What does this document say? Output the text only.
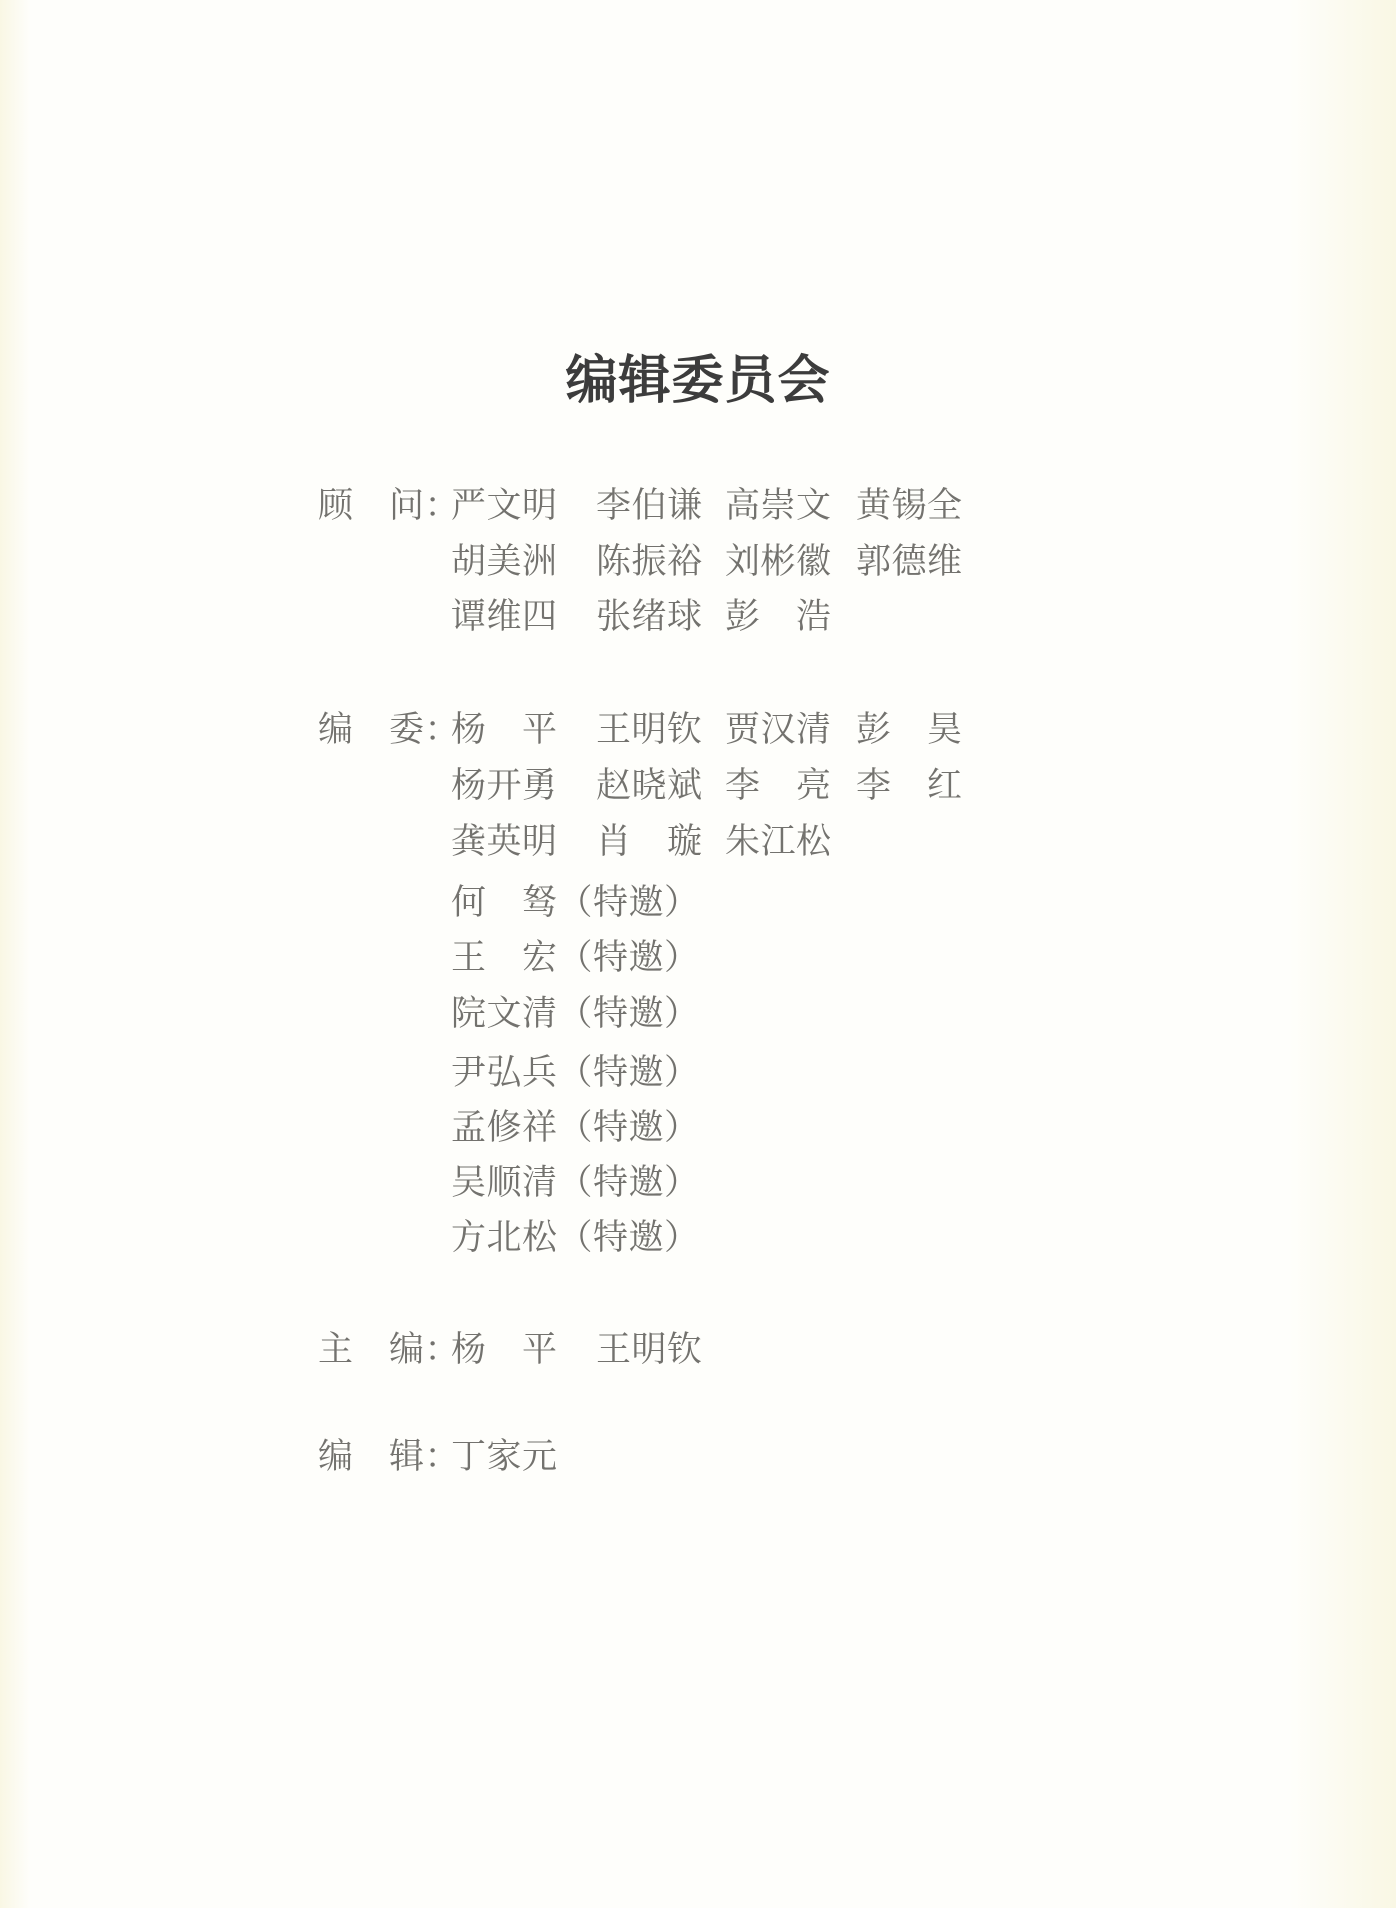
编辑委员会
顾　问：
严文明 李伯谦 高崇文 黄锡全
胡美洲 陈振裕 刘彬徽 郭德维
谭维四 张绪球 彭　浩
编　委：
杨　平 王明钦 贾汉清 彭　昊
杨开勇 赵晓斌 李　亮 李　红
龚英明 肖　璇 朱江松
何　驽（特邀）
王　宏（特邀）
院文清（特邀）
尹弘兵（特邀）
孟修祥（特邀）
吴顺清（特邀）
方北松（特邀）
主　编：
杨　平 王明钦
编　辑：
丁家元
